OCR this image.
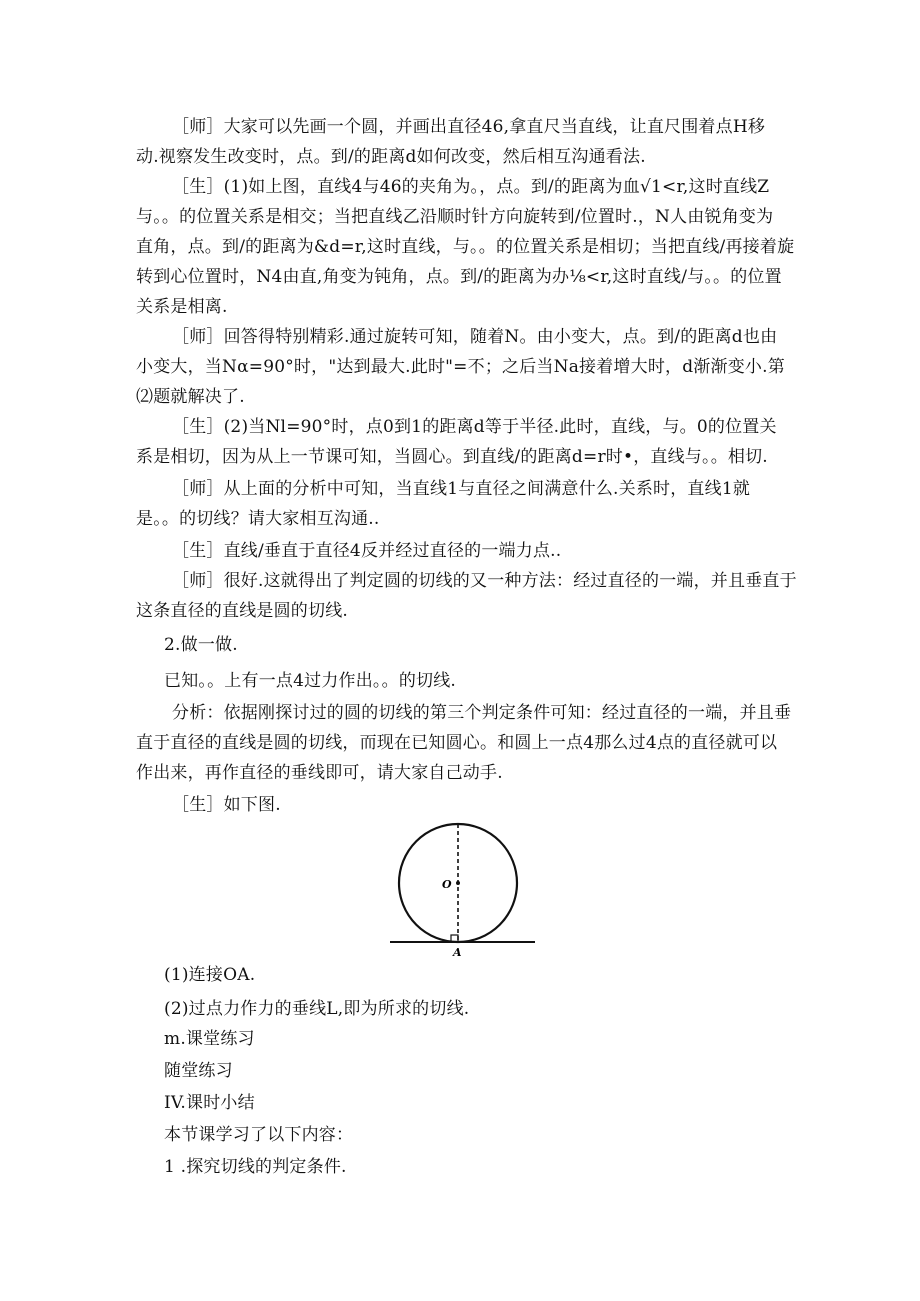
［师］大家可以先画一个圆，并画出直径46,拿直尺当直线，让直尺围着点H移
动.视察发生改变时，点。到/的距离d如何改变，然后相互沟通看法.
［生］(1)如上图，直线4与46的夹角为。，点。到/的距离为血√1<r,这时直线Z
与。。的位置关系是相交；当把直线乙沿顺时针方向旋转到/位置时.，N人由锐角变为
直角，点。到/的距离为&d=r,这时直线，与。。的位置关系是相切；当把直线/再接着旋
转到心位置时，N4由直,角变为钝角，点。到/的距离为办⅛<r,这时直线/与。。的位置
关系是相离.
［师］回答得特别精彩.通过旋转可知，随着N。由小变大，点。到/的距离d也由
小变大，当Nα=90°时，"达到最大.此时"=不；之后当Na接着增大时，d渐渐变小.第
⑵题就解决了.
［生］(2)当Nl=90°时，点0到1的距离d等于半径.此时，直线，与。0的位置关
系是相切，因为从上一节课可知，当圆心。到直线/的距离d=r时•，直线与。。相切.
［师］从上面的分析中可知，当直线1与直径之间满意什么.关系时，直线1就
是。。的切线？请大家相互沟通..
［生］直线/垂直于直径4反并经过直径的一端力点..
［师］很好.这就得出了判定圆的切线的又一种方法：经过直径的一端，并且垂直于
这条直径的直线是圆的切线.
2.做一做.
已知。。上有一点4过力作出。。的切线.
分析：依据刚探讨过的圆的切线的第三个判定条件可知：经过直径的一端，并且垂
直于直径的直线是圆的切线，而现在已知圆心。和圆上一点4那么过4点的直径就可以
作出来，再作直径的垂线即可，请大家自己动手.
［生］如下图.
O
A
(1)连接OA.
(2)过点力作力的垂线L,即为所求的切线.
m.课堂练习
随堂练习
IV.课时小结
本节课学习了以下内容：
1 .探究切线的判定条件.
